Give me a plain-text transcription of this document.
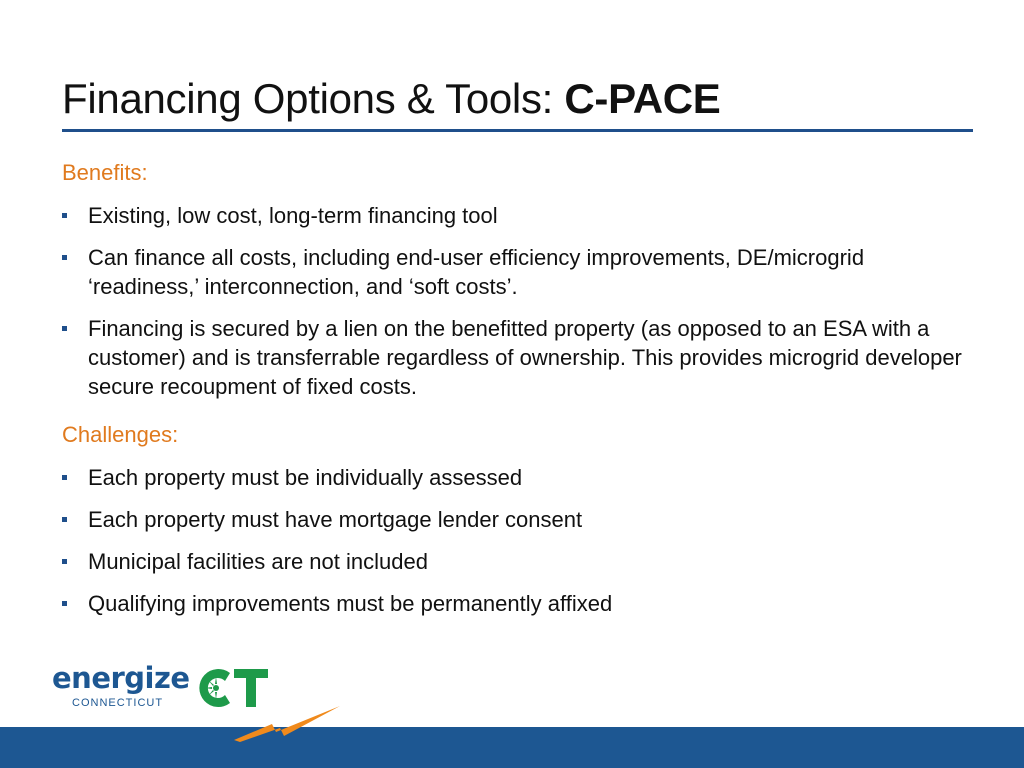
Financing Options & Tools: C-PACE

Benefits:

Existing, low cost, long-term financing tool
Can finance all costs, including end-user efficiency improvements, DE/microgrid ‘readiness,’ interconnection, and ‘soft costs’.
Financing is secured by a lien on the benefitted property (as opposed to an ESA with a customer) and is transferrable regardless of ownership. This provides microgrid developer secure recoupment of fixed costs.

Challenges:

Each property must be individually assessed
Each property must have mortgage lender consent
Municipal facilities are not included
Qualifying improvements must be permanently affixed
energize
CONNECTICUT
